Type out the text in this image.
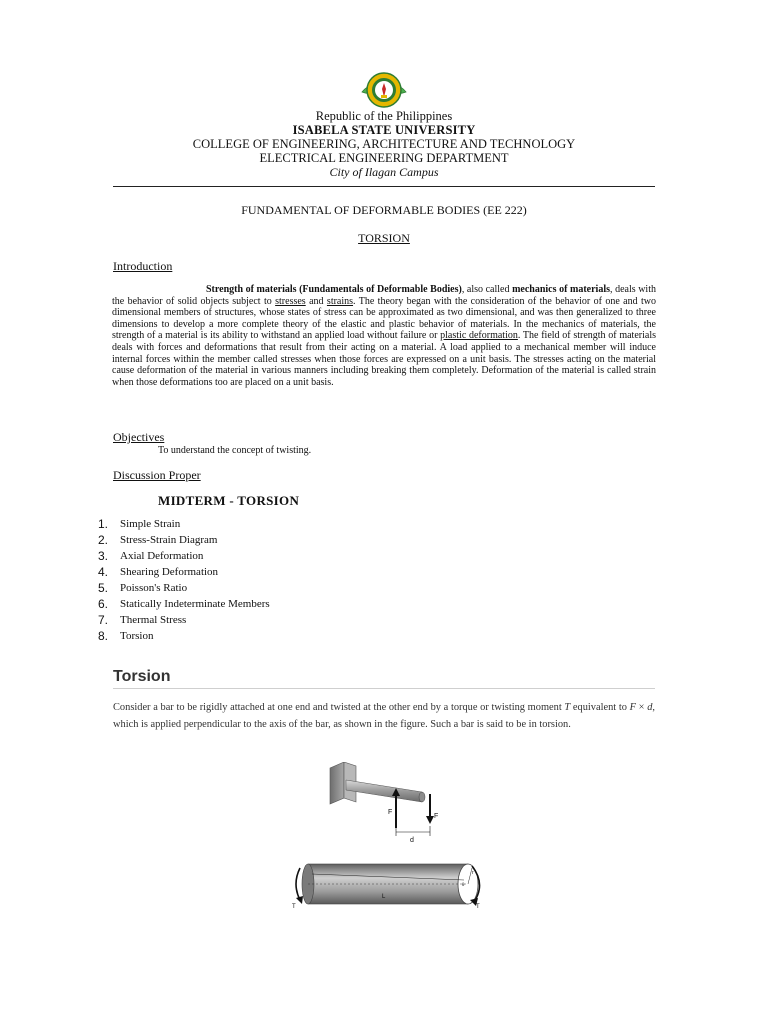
Republic of the Philippines
ISABELA STATE UNIVERSITY
COLLEGE OF ENGINEERING, ARCHITECTURE AND TECHNOLOGY
ELECTRICAL ENGINEERING DEPARTMENT
City of Ilagan Campus
FUNDAMENTAL OF DEFORMABLE BODIES (EE 222)
TORSION
Introduction

Strength of materials (Fundamentals of Deformable Bodies), also called mechanics of materials, deals with the behavior of solid objects subject to stresses and strains. The theory began with the consideration of the behavior of one and two dimensional members of structures, whose states of stress can be approximated as two dimensional, and was then generalized to three dimensions to develop a more complete theory of the elastic and plastic behavior of materials. In the mechanics of materials, the strength of a material is its ability to withstand an applied load without failure or plastic deformation. The field of strength of materials deals with forces and deformations that result from their acting on a material. A load applied to a mechanical member will induce internal forces within the member called stresses when those forces are expressed on a unit basis. The stresses acting on the material cause deformation of the material in various manners including breaking them completely. Deformation of the material is called strain when those deformations too are placed on a unit basis.

Objectives
To understand the concept of twisting.
Discussion Proper
MIDTERM - TORSION
1.	Simple Strain
2.	Stress-Strain Diagram
3.	Axial Deformation
4.	Shearing Deformation
5.	Poisson's Ratio
6.	Statically Indeterminate Members
7.	Thermal Stress
8.	Torsion
Torsion
Consider a bar to be rigidly attached at one end and twisted at the other end by a torque or twisting moment T equivalent to F × d, which is applied perpendicular to the axis of the bar, as shown in the figure. Such a bar is said to be in torsion.
F
F
d
T	T
L
r
θ
